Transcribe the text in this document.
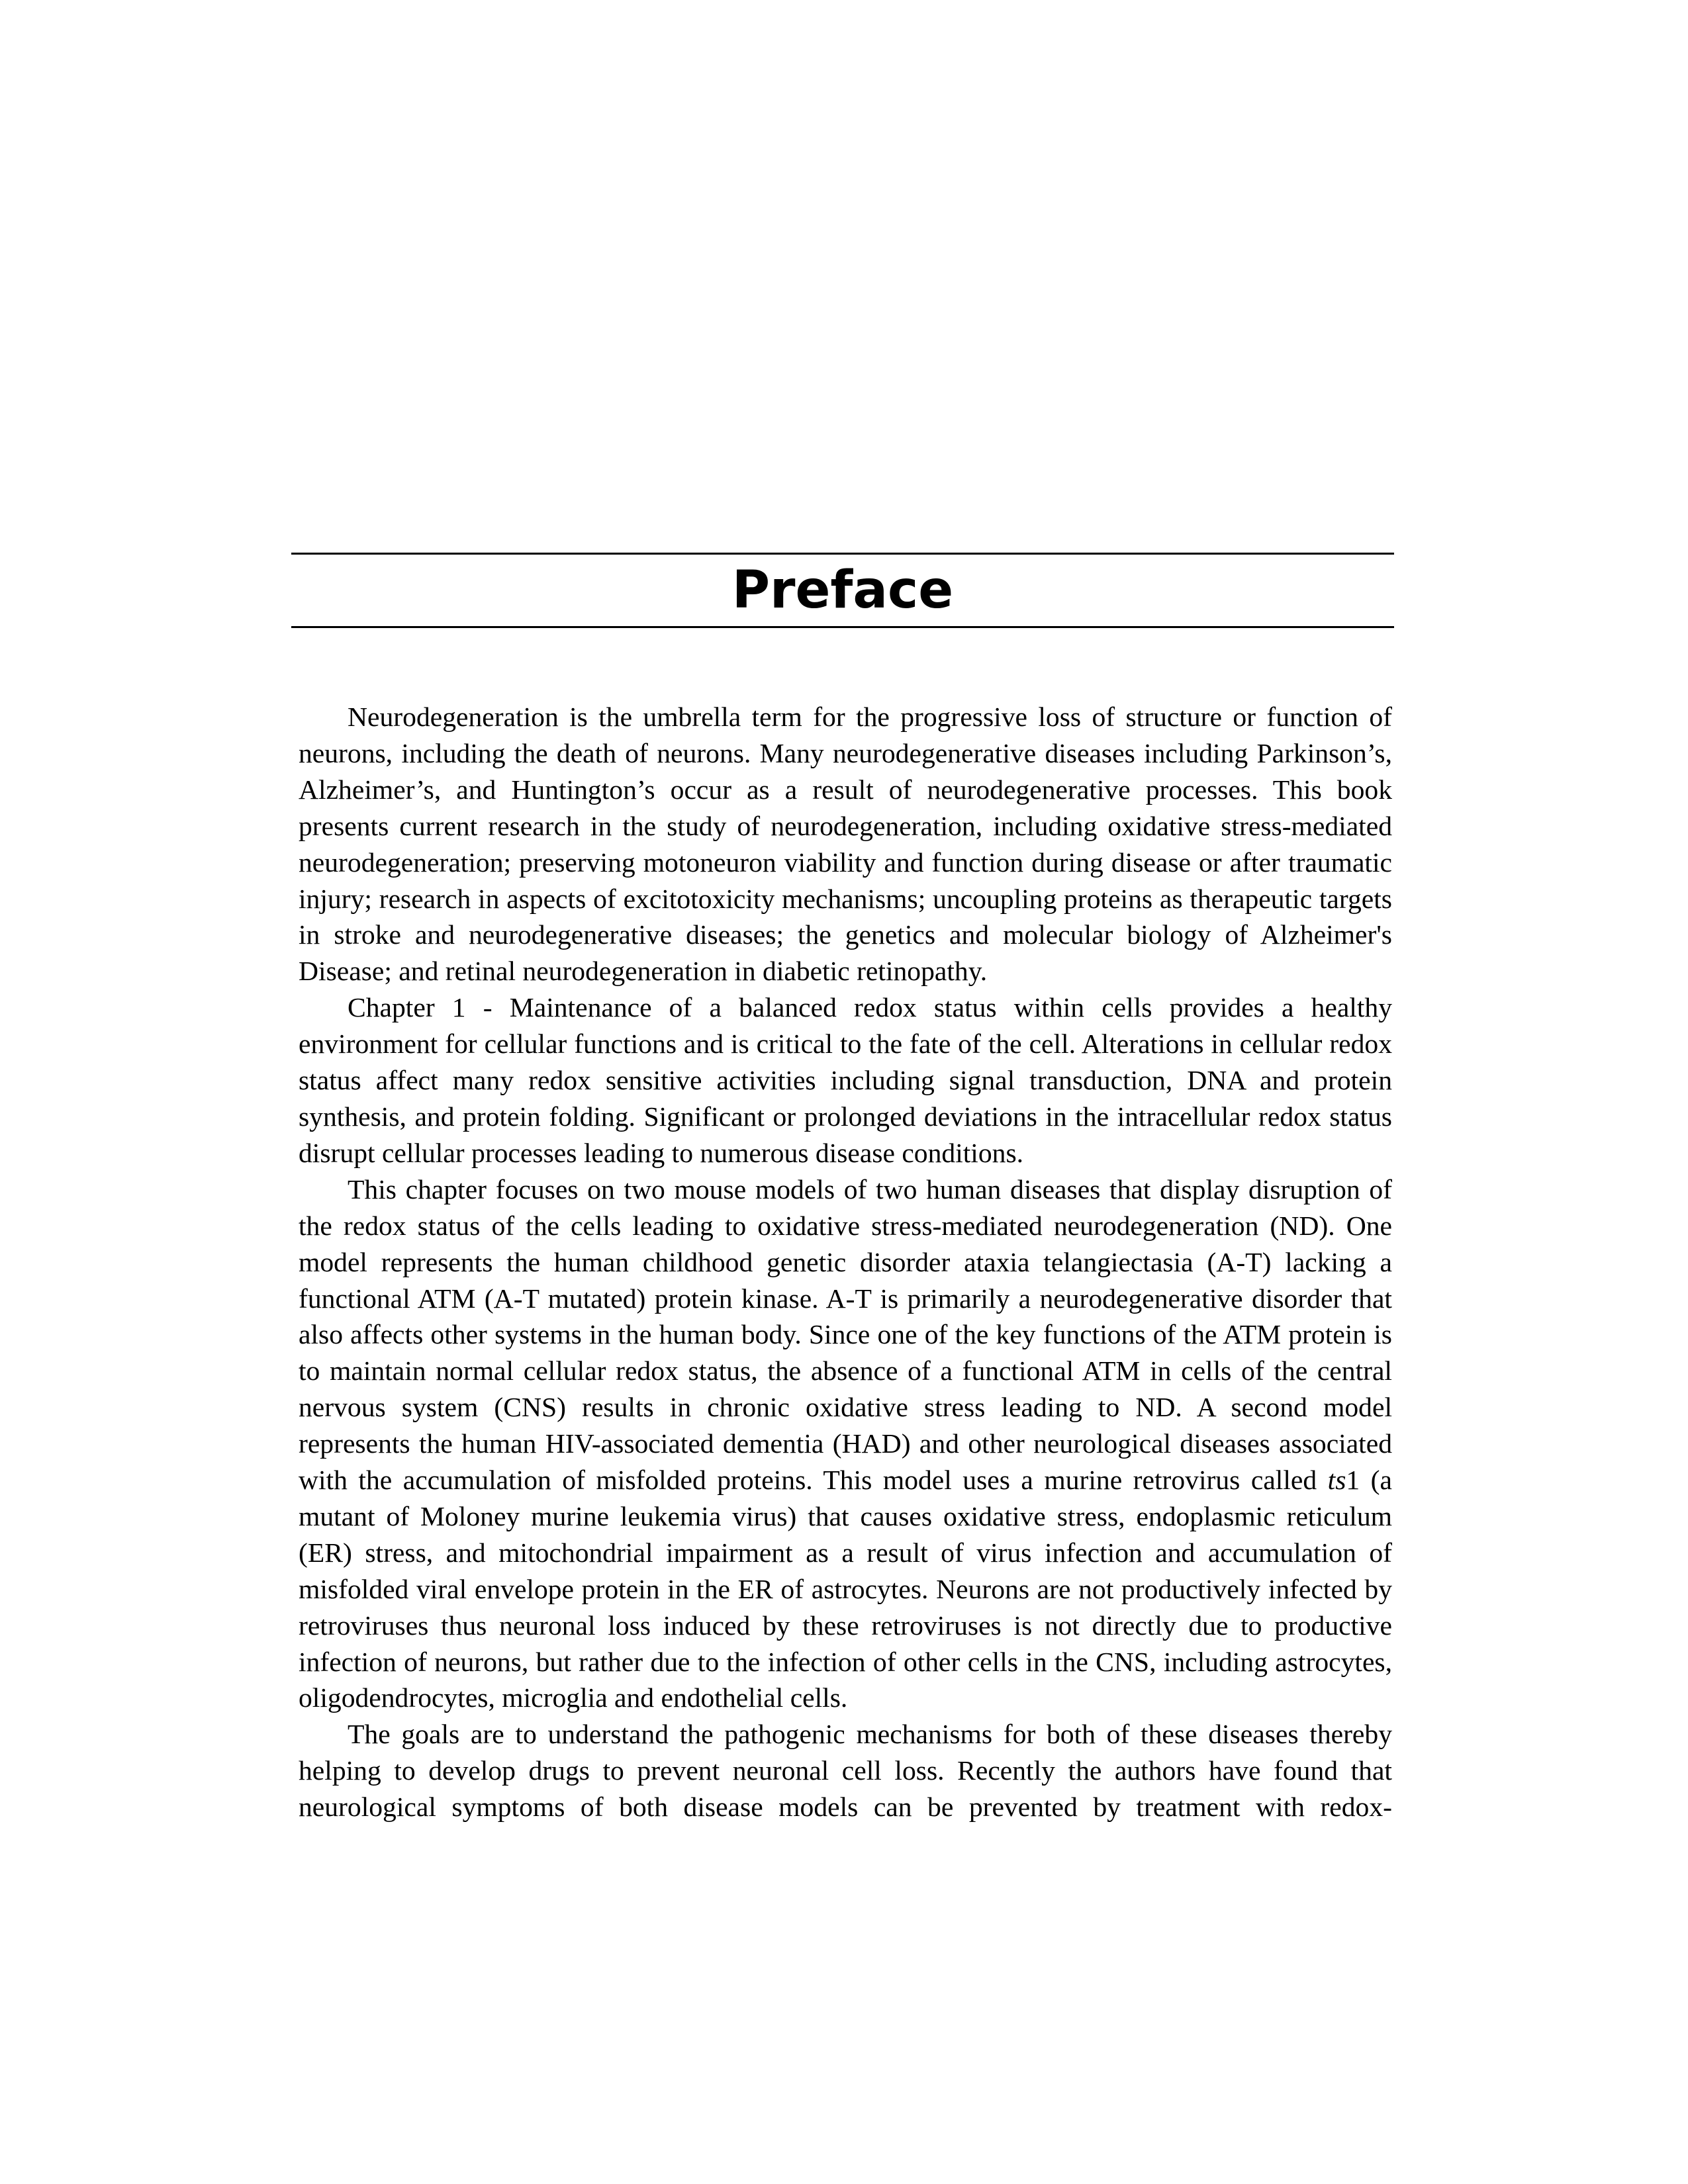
Preface

Neurodegeneration is the umbrella term for the progressive loss of structure or function of neurons, including the death of neurons. Many neurodegenerative diseases including Parkinson’s, Alzheimer’s, and Huntington’s occur as a result of neurodegenerative processes. This book presents current research in the study of neurodegeneration, including oxidative stress-mediated neurodegeneration; preserving motoneuron viability and function during disease or after traumatic injury; research in aspects of excitotoxicity mechanisms; uncoupling proteins as therapeutic targets in stroke and neurodegenerative diseases; the genetics and molecular biology of Alzheimer's Disease; and retinal neurodegeneration in diabetic retinopathy.

Chapter 1 - Maintenance of a balanced redox status within cells provides a healthy environment for cellular functions and is critical to the fate of the cell. Alterations in cellular redox status affect many redox sensitive activities including signal transduction, DNA and protein synthesis, and protein folding. Significant or prolonged deviations in the intracellular redox status disrupt cellular processes leading to numerous disease conditions.

This chapter focuses on two mouse models of two human diseases that display disruption of the redox status of the cells leading to oxidative stress-mediated neurodegeneration (ND). One model represents the human childhood genetic disorder ataxia telangiectasia (A-T) lacking a functional ATM (A-T mutated) protein kinase. A-T is primarily a neurodegenerative disorder that also affects other systems in the human body. Since one of the key functions of the ATM protein is to maintain normal cellular redox status, the absence of a functional ATM in cells of the central nervous system (CNS) results in chronic oxidative stress leading to ND. A second model represents the human HIV-associated dementia (HAD) and other neurological diseases associated with the accumulation of misfolded proteins. This model uses a murine retrovirus called ts1 (a mutant of Moloney murine leukemia virus) that causes oxidative stress, endoplasmic reticulum (ER) stress, and mitochondrial impairment as a result of virus infection and accumulation of misfolded viral envelope protein in the ER of astrocytes. Neurons are not productively infected by retroviruses thus neuronal loss induced by these retroviruses is not directly due to productive infection of neurons, but rather due to the infection of other cells in the CNS, including astrocytes, oligodendrocytes, microglia and endothelial cells.

The goals are to understand the pathogenic mechanisms for both of these diseases thereby helping to develop drugs to prevent neuronal cell loss. Recently the authors have found that neurological symptoms of both disease models can be prevented by treatment with redox-
